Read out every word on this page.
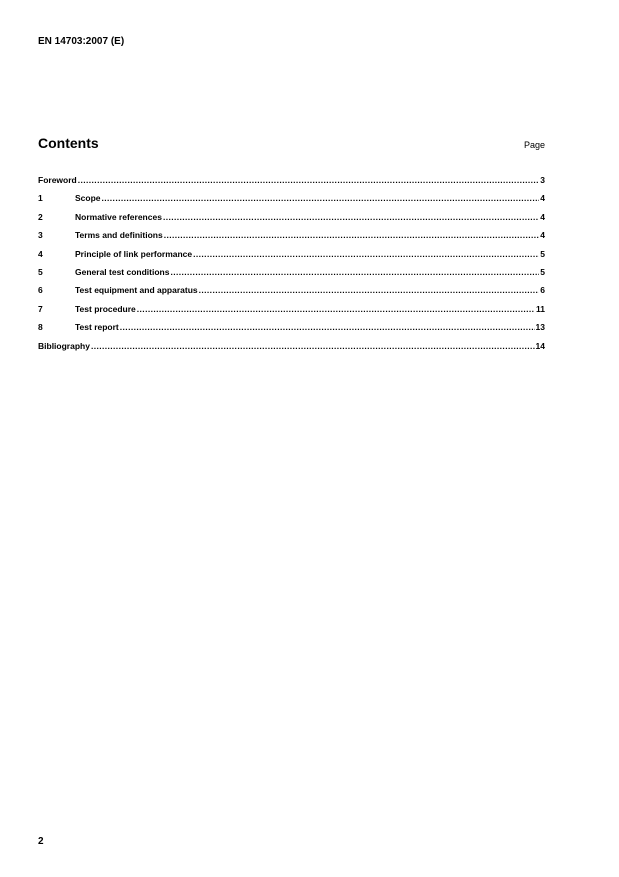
EN 14703:2007 (E)
Contents	Page
Foreword .....	3
1	Scope .....	4
2	Normative references .....	4
3	Terms and definitions .....	4
4	Principle of link performance .....	5
5	General test conditions .....	5
6	Test equipment and apparatus .....	6
7	Test procedure .....	11
8	Test report .....	13
Bibliography .....	14
2
